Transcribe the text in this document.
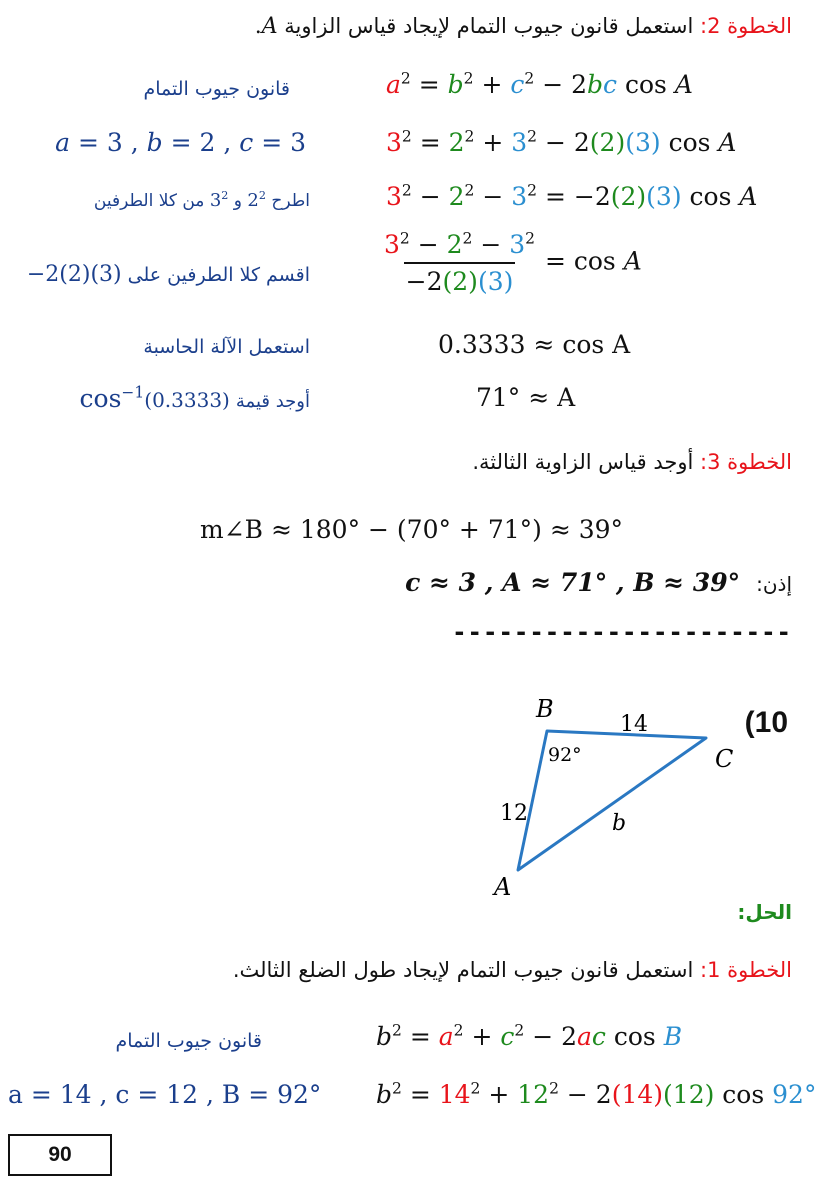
الخطوة 2: استعمل قانون جيوب التمام لإيجاد قياس الزاوية A.
قانون جيوب التمام	$a^2 = b^2 + c^2 - 2bc$ cos A
a = 3 , b = 2 , c = 3	$3^2 = 2^2 + 3^2 - 2(2)(3)$ cos A
اطرح $2^2$ و $3^2$ من كلا الطرفين	$3^2 - 2^2 - 3^2 = -2(2)(3)$ cos A
اقسم كلا الطرفين على −2(2)(3)	$\frac{3^2 - 2^2 - 3^2}{-2(2)(3)} = \cos A$
استعمل الآلة الحاسبة	0.3333 ≈ cos A
$\cos^{-1}(0.3333)$ أوجد قيمة	71° ≈ A
الخطوة 3: أوجد قياس الزاوية الثالثة.
m∠B ≈ 180° − (70° + 71°) ≈ 39°
c ≈ 3 , A ≈ 71° , B ≈ 39° إذن:
----------------------
(10
B
C
A
14
12	b
92°
الحل:
الخطوة 1: استعمل قانون جيوب التمام لإيجاد طول الضلع الثالث.
قانون جيوب التمام	$b^2 = a^2 + c^2 - 2ac$ cos B
a = 14 , c = 12 , B = 92° $b^2 = 14^2 + 12^2 - 2(14)(12)$ cos 92°
90
